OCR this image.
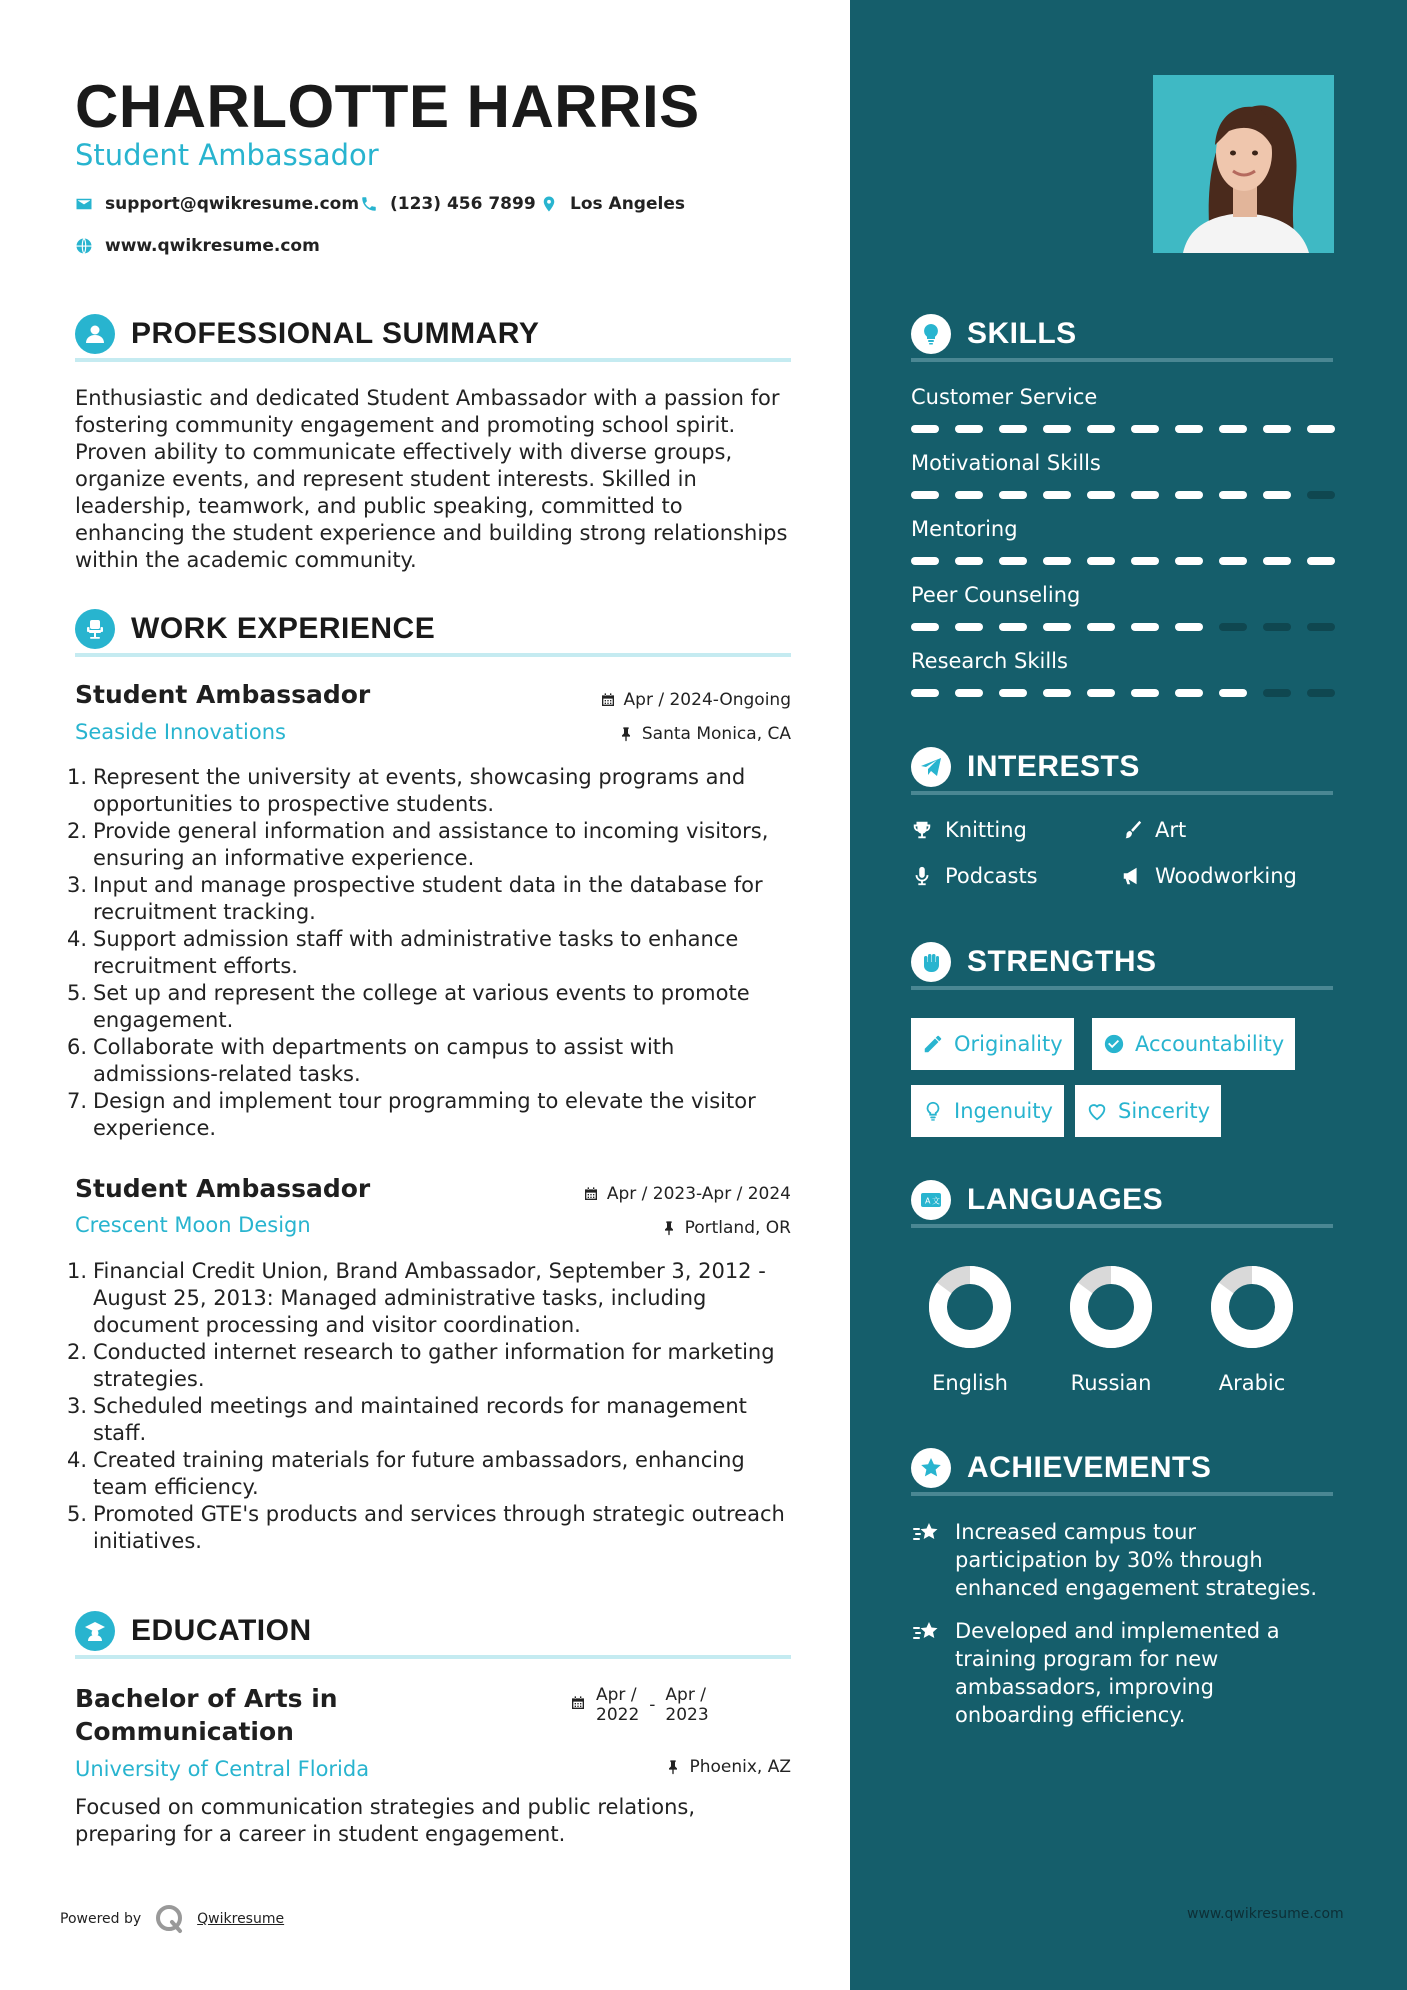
CHARLOTTE HARRIS
Student Ambassador
support@qwikresume.com (123) 456 7899 Los Angeles
www.qwikresume.com
PROFESSIONAL SUMMARY
Enthusiastic and dedicated Student Ambassador with a passion for fostering community engagement and promoting school spirit. Proven ability to communicate effectively with diverse groups, organize events, and represent student interests. Skilled in leadership, teamwork, and public speaking, committed to enhancing the student experience and building strong relationships within the academic community.
WORK EXPERIENCE
Student Ambassador	Apr / 2024-Ongoing
Seaside Innovations	Santa Monica, CA
1. Represent the university at events, showcasing programs and opportunities to prospective students.
2. Provide general information and assistance to incoming visitors, ensuring an informative experience.
3. Input and manage prospective student data in the database for recruitment tracking.
4. Support admission staff with administrative tasks to enhance recruitment efforts.
5. Set up and represent the college at various events to promote engagement.
6. Collaborate with departments on campus to assist with admissions-related tasks.
7. Design and implement tour programming to elevate the visitor experience.
Student Ambassador	Apr / 2023-Apr / 2024
Crescent Moon Design	Portland, OR
1. Financial Credit Union, Brand Ambassador, September 3, 2012 - August 25, 2013: Managed administrative tasks, including document processing and visitor coordination.
2. Conducted internet research to gather information for marketing strategies.
3. Scheduled meetings and maintained records for management staff.
4. Created training materials for future ambassadors, enhancing team efficiency.
5. Promoted GTE's products and services through strategic outreach initiatives.
EDUCATION
Bachelor of Arts in Communication
Apr /
2022 - Apr /
2023
University of Central Florida	Phoenix, AZ
Focused on communication strategies and public relations, preparing for a career in student engagement.
Powered by	Qwikresume
SKILLS
Customer Service
Motivational Skills
Mentoring
Peer Counseling
Research Skills
INTERESTS
Knitting	Art
Podcasts	Woodworking
STRENGTHS
Originality	Accountability
Ingenuity	Sincerity
A 文 LANGUAGES
English	Russian	Arabic
ACHIEVEMENTS
Increased campus tour participation by 30% through enhanced engagement strategies.
Developed and implemented a training program for new ambassadors, improving onboarding efficiency.
www.qwikresume.com
